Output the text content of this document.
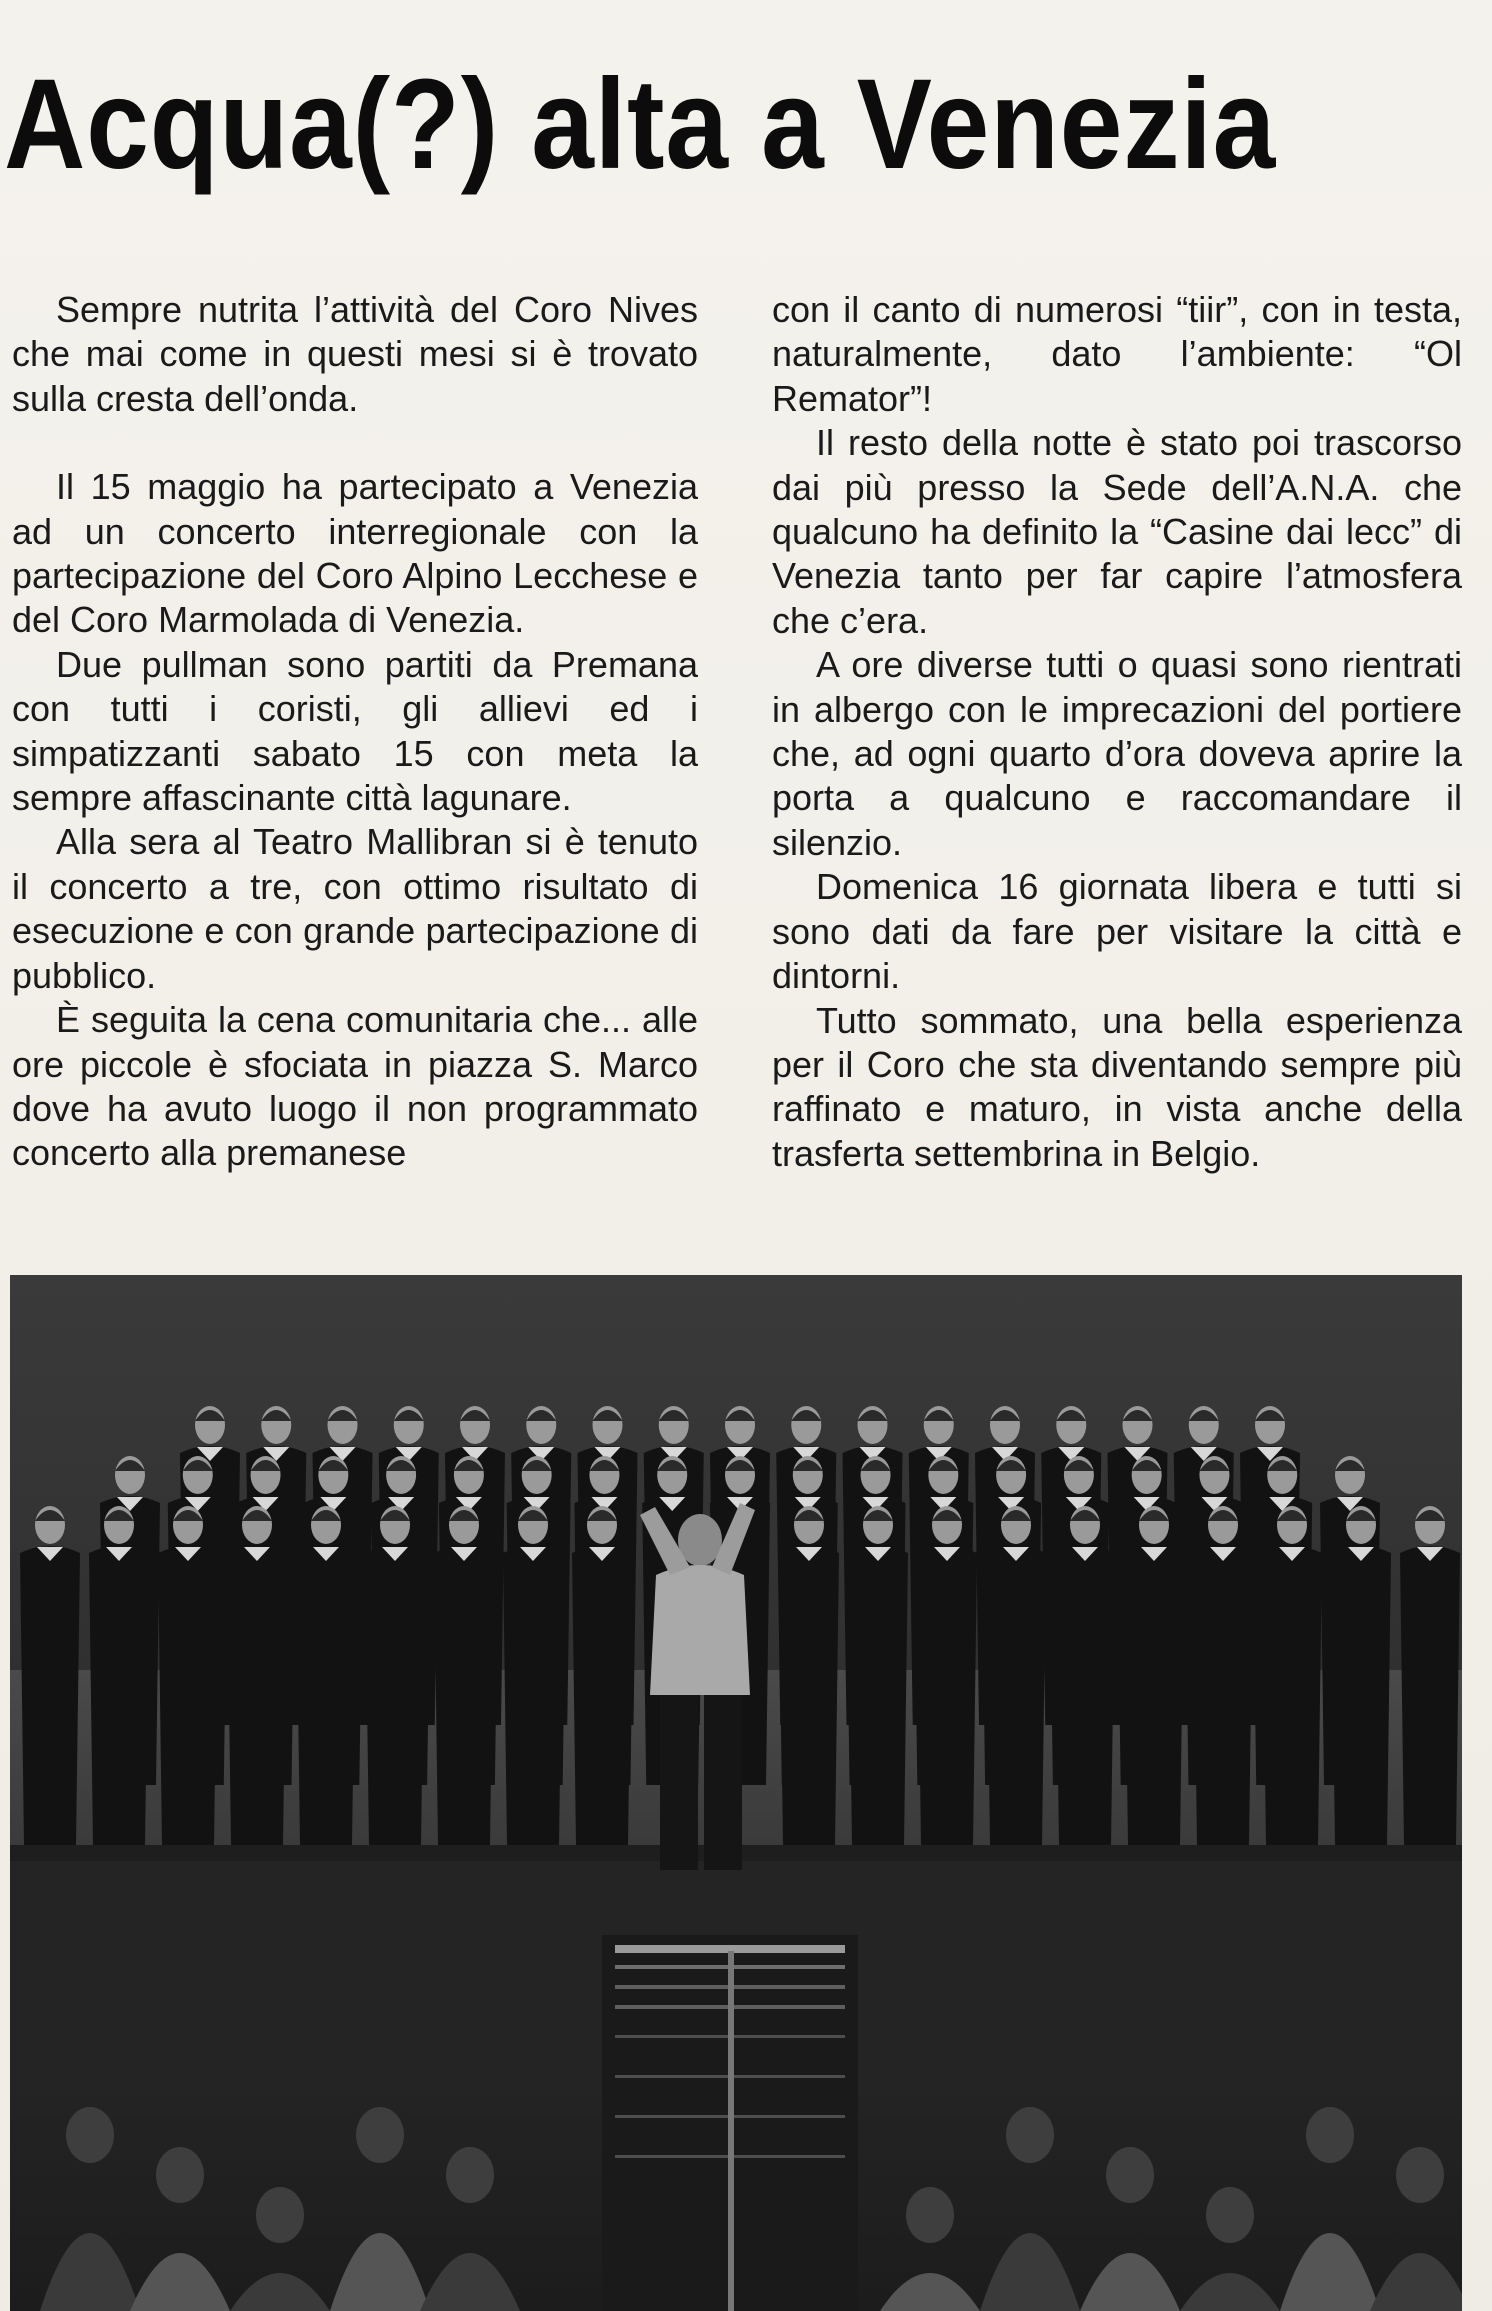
Acqua(?) alta a Venezia

Sempre nutrita l’attività del Coro Nives che mai come in questi mesi si è trovato sulla cresta dell’onda.

Il 15 maggio ha partecipato a Venezia ad un concerto interregionale con la partecipazione del Coro Alpino Lecchese e del Coro Marmolada di Venezia.

Due pullman sono partiti da Premana con tutti i coristi, gli allievi ed i simpatizzanti sabato 15 con meta la sempre affascinante città lagunare.

Alla sera al Teatro Mallibran si è tenuto il concerto a tre, con ottimo risultato di esecuzione e con grande partecipazione di pubblico.

È seguita la cena comunitaria che... alle ore piccole è sfociata in piazza S. Marco dove ha avuto luogo il non programmato concerto alla premanese

con il canto di numerosi “tiir”, con in testa, naturalmente, dato l’ambiente: “Ol Remator”!

Il resto della notte è stato poi trascorso dai più presso la Sede dell’A.N.A. che qualcuno ha definito la “Casine dai lecc” di Venezia tanto per far capire l’atmosfera che c’era.

A ore diverse tutti o quasi sono rientrati in albergo con le imprecazioni del portiere che, ad ogni quarto d’ora doveva aprire la porta a qualcuno e raccomandare il silenzio.

Domenica 16 giornata libera e tutti si sono dati da fare per visitare la città e dintorni.

Tutto sommato, una bella esperienza per il Coro che sta diventando sempre più raffinato e maturo, in vista anche della trasferta settembrina in Belgio.
